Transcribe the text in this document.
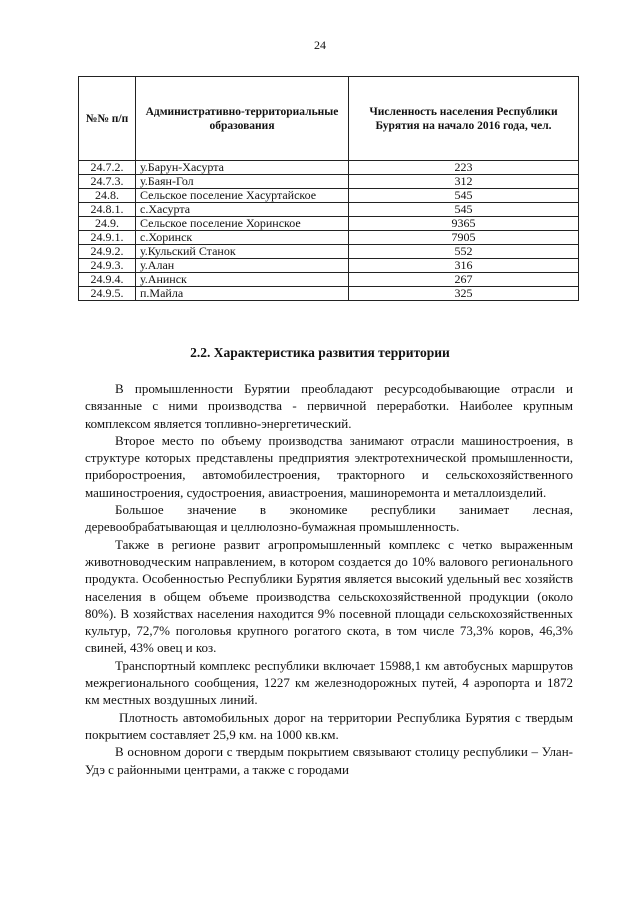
24
№№ п/п	Административно-территориальные образования	Численность населения Республики Бурятия на начало 2016 года, чел.
24.7.2.	у.Барун-Хасурта	223
24.7.3.	у.Баян-Гол	312
24.8.	Сельское поселение Хасуртайское	545
24.8.1.	с.Хасурта	545
24.9.	Сельское поселение Хоринское	9365
24.9.1.	с.Хоринск	7905
24.9.2.	у.Кульский Станок	552
24.9.3.	у.Алан	316
24.9.4.	у.Анинск	267
24.9.5.	п.Майла	325
2.2. Характеристика развития территории

В промышленности Бурятии преобладают ресурсодобывающие отрасли и связанные с ними производства - первичной переработки. Наиболее крупным комплексом является топливно-энергетический.

Второе место по объему производства занимают отрасли машиностроения, в структуре которых представлены предприятия электротехнической промышленности, приборостроения, автомобилестроения, тракторного и сельскохозяйственного машиностроения, судостроения, авиастроения, машиноремонта и металлоизделий.

Большое значение в экономике республики занимает лесная, деревообрабатывающая и целлюлозно-бумажная промышленность.

Также в регионе развит агропромышленный комплекс с четко выраженным животноводческим направлением, в котором создается до 10% валового регионального продукта. Особенностью Республики Бурятия является высокий удельный вес хозяйств населения в общем объеме производства сельскохозяйственной продукции (около 80%). В хозяйствах населения находится 9% посевной площади сельскохозяйственных культур, 72,7% поголовья крупного рогатого скота, в том числе 73,3% коров, 46,3% свиней, 43% овец и коз.

Транспортный комплекс республики включает 15988,1 км автобусных маршрутов межрегионального сообщения, 1227 км железнодорожных путей, 4 аэропорта и 1872 км местных воздушных линий.

Плотность автомобильных дорог на территории Республика Бурятия с твердым покрытием составляет 25,9 км. на 1000 кв.км.

В основном дороги с твердым покрытием связывают столицу республики – Улан-Удэ с районными центрами, а также с городами
